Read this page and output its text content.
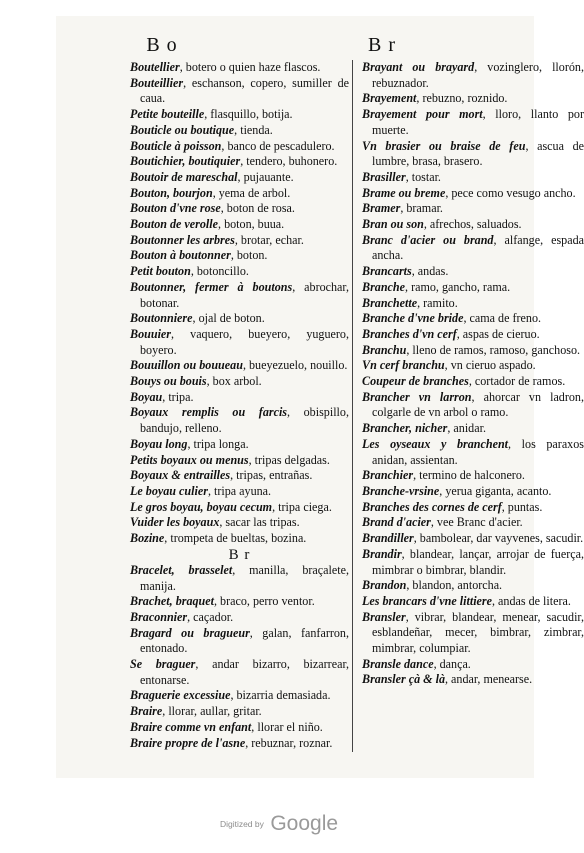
B o	B r

Boutellier, botero o quien haze flascos.

Bouteillier, eschanson, copero, sumiller de caua.

Petite bouteille, flasquillo, botija.

Bouticle ou boutique, tienda.

Bouticle à poisson, banco de pescadulero.

Boutichier, boutiquier, tendero, buhonero.

Boutoir de mareschal, pujauante.

Bouton, bourjon, yema de arbol.

Bouton d'vne rose, boton de rosa.

Bouton de verolle, boton, buua.

Boutonner les arbres, brotar, echar.

Bouton à boutonner, boton.

Petit bouton, botoncillo.

Boutonner, fermer à boutons, abrochar, botonar.

Boutonniere, ojal de boton.

Bouuier, vaquero, bueyero, yuguero, boyero.

Bouuillon ou bouueau, bueyezuelo, nouillo.

Bouys ou bouis, box arbol.

Boyau, tripa.

Boyaux remplis ou farcis, obispillo, bandujo, relleno.

Boyau long, tripa longa.

Petits boyaux ou menus, tripas delgadas.

Boyaux & entrailles, tripas, entrañas.

Le boyau culier, tripa ayuna.

Le gros boyau, boyau cecum, tripa ciega.

Vuider les boyaux, sacar las tripas.

Bozine, trompeta de bueltas, bozina.

B r

Bracelet, brasselet, manilla, braçalete, manija.

Brachet, braquet, braco, perro ventor.

Braconnier, caçador.

Bragard ou bragueur, galan, fanfarron, entonado.

Se braguer, andar bizarro, bizarrear, entonarse.

Braguerie excessiue, bizarria demasiada.

Braire, llorar, aullar, gritar.

Braire comme vn enfant, llorar el niño.

Braire propre de l'asne, rebuznar, roznar.

Brayant ou brayard, vozinglero, llorón, rebuznador.

Brayement, rebuzno, roznido.

Brayement pour mort, lloro, llanto por muerte.

Vn brasier ou braise de feu, ascua de lumbre, brasa, brasero.

Brasiller, tostar.

Brame ou breme, pece como vesugo ancho.

Bramer, bramar.

Bran ou son, afrechos, saluados.

Branc d'acier ou brand, alfange, espada ancha.

Brancarts, andas.

Branche, ramo, gancho, rama.

Branchette, ramito.

Branche d'vne bride, cama de freno.

Branches d'vn cerf, aspas de cieruo.

Branchu, lleno de ramos, ramoso, ganchoso.

Vn cerf branchu, vn cieruo aspado.

Coupeur de branches, cortador de ramos.

Brancher vn larron, ahorcar vn ladron, colgarle de vn arbol o ramo.

Brancher, nicher, anidar.

Les oyseaux y branchent, los paraxos anidan, assientan.

Branchier, termino de halconero.

Branche-vrsine, yerua giganta, acanto.

Branches des cornes de cerf, puntas.

Brand d'acier, vee Branc d'acier.

Brandiller, bambolear, dar vayvenes, sacudir.

Brandir, blandear, lançar, arrojar de fuerça, mimbrar o bimbrar, blandir.

Brandon, blandon, antorcha.

Les brancars d'vne littiere, andas de litera.

Bransler, vibrar, blandear, menear, sacudir, esblandeñar, mecer, bimbrar, zimbrar, mimbrar, columpiar.

Bransle dance, dança.

Bransler çà & là, andar, menearse.

Digitized by Google
